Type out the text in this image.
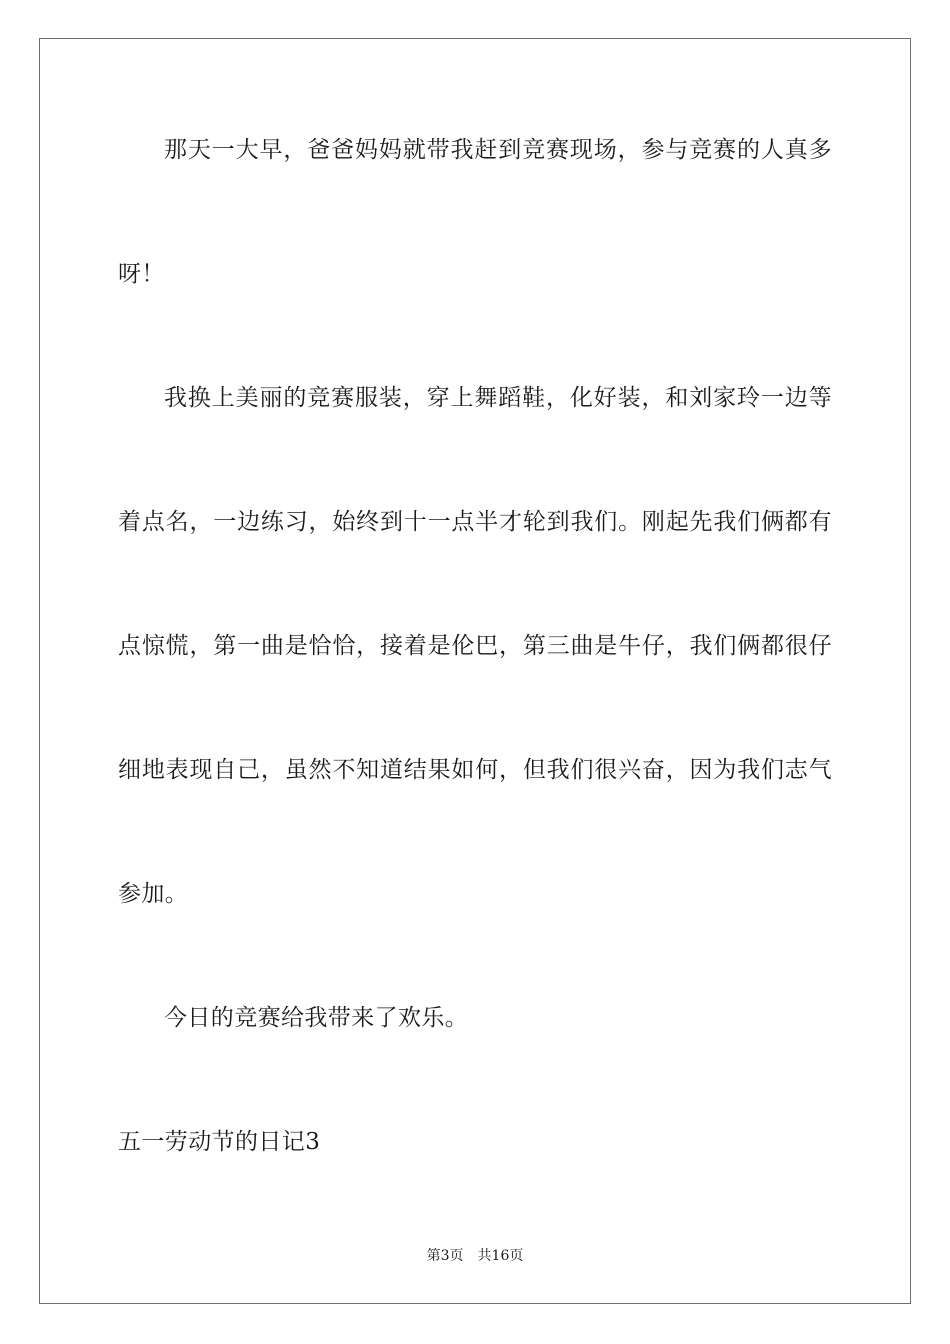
那天一大早，爸爸妈妈就带我赶到竞赛现场，参与竞赛的人真多
呀！
我换上美丽的竞赛服装，穿上舞蹈鞋，化好装，和刘家玲一边等
着点名，一边练习，始终到十一点半才轮到我们。刚起先我们俩都有
点惊慌，第一曲是恰恰，接着是伦巴，第三曲是牛仔，我们俩都很仔
细地表现自己，虽然不知道结果如何，但我们很兴奋，因为我们志气
参加。
今日的竞赛给我带来了欢乐。
五一劳动节的日记3
第3页 共16页
